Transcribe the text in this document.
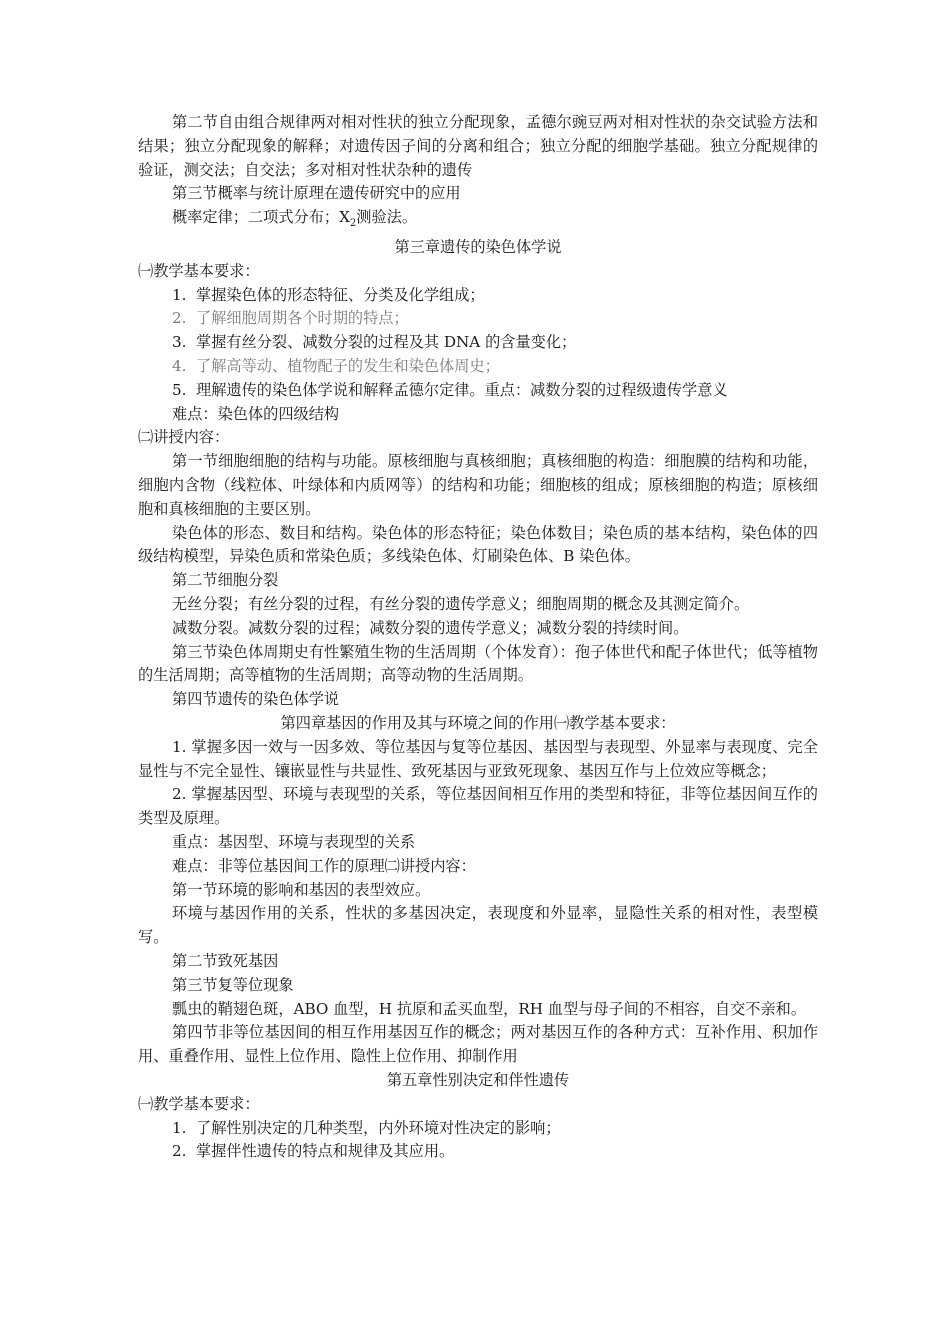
第二节自由组合规律两对相对性状的独立分配现象，孟德尔豌豆两对相对性状的杂交试验方法和结果；独立分配现象的解释；对遗传因子间的分离和组合；独立分配的细胞学基础。独立分配规律的验证，测交法；自交法；多对相对性状杂种的遗传

第三节概率与统计原理在遗传研究中的应用

概率定律；二项式分布；$X_2$测验法。

第三章遗传的染色体学说

㈠教学基本要求：

1. 掌握染色体的形态特征、分类及化学组成；

2. 了解细胞周期各个时期的特点；

3. 掌握有丝分裂、减数分裂的过程及其 DNA 的含量变化；

4. 了解高等动、植物配子的发生和染色体周史；

5. 理解遗传的染色体学说和解释孟德尔定律。重点：减数分裂的过程级遗传学意义

难点：染色体的四级结构

㈡讲授内容：

第一节细胞细胞的结构与功能。原核细胞与真核细胞；真核细胞的构造：细胞膜的结构和功能，细胞内含物（线粒体、叶绿体和内质网等）的结构和功能；细胞核的组成；原核细胞的构造；原核细胞和真核细胞的主要区别。

染色体的形态、数目和结构。染色体的形态特征；染色体数目；染色质的基本结构，染色体的四级结构模型，异染色质和常染色质；多线染色体、灯刷染色体、B 染色体。

第二节细胞分裂

无丝分裂；有丝分裂的过程，有丝分裂的遗传学意义；细胞周期的概念及其测定简介。

减数分裂。减数分裂的过程；减数分裂的遗传学意义；减数分裂的持续时间。

第三节染色体周期史有性繁殖生物的生活周期（个体发育）：孢子体世代和配子体世代；低等植物的生活周期；高等植物的生活周期；高等动物的生活周期。

第四节遗传的染色体学说

第四章基因的作用及其与环境之间的作用㈠教学基本要求：

1. 掌握多因一效与一因多效、等位基因与复等位基因、基因型与表现型、外显率与表现度、完全显性与不完全显性、镶嵌显性与共显性、致死基因与亚致死现象、基因互作与上位效应等概念；

2. 掌握基因型、环境与表现型的关系，等位基因间相互作用的类型和特征，非等位基因间互作的类型及原理。

重点：基因型、环境与表现型的关系

难点：非等位基因间工作的原理㈡讲授内容：

第一节环境的影响和基因的表型效应。

环境与基因作用的关系，性状的多基因决定，表现度和外显率，显隐性关系的相对性，表型模写。

第二节致死基因

第三节复等位现象

瓢虫的鞘翅色斑，ABO 血型，H 抗原和孟买血型，RH 血型与母子间的不相容，自交不亲和。

第四节非等位基因间的相互作用基因互作的概念；两对基因互作的各种方式：互补作用、积加作用、重叠作用、显性上位作用、隐性上位作用、抑制作用

第五章性别决定和伴性遗传

㈠教学基本要求：

1. 了解性别决定的几种类型，内外环境对性决定的影响；

2. 掌握伴性遗传的特点和规律及其应用。
